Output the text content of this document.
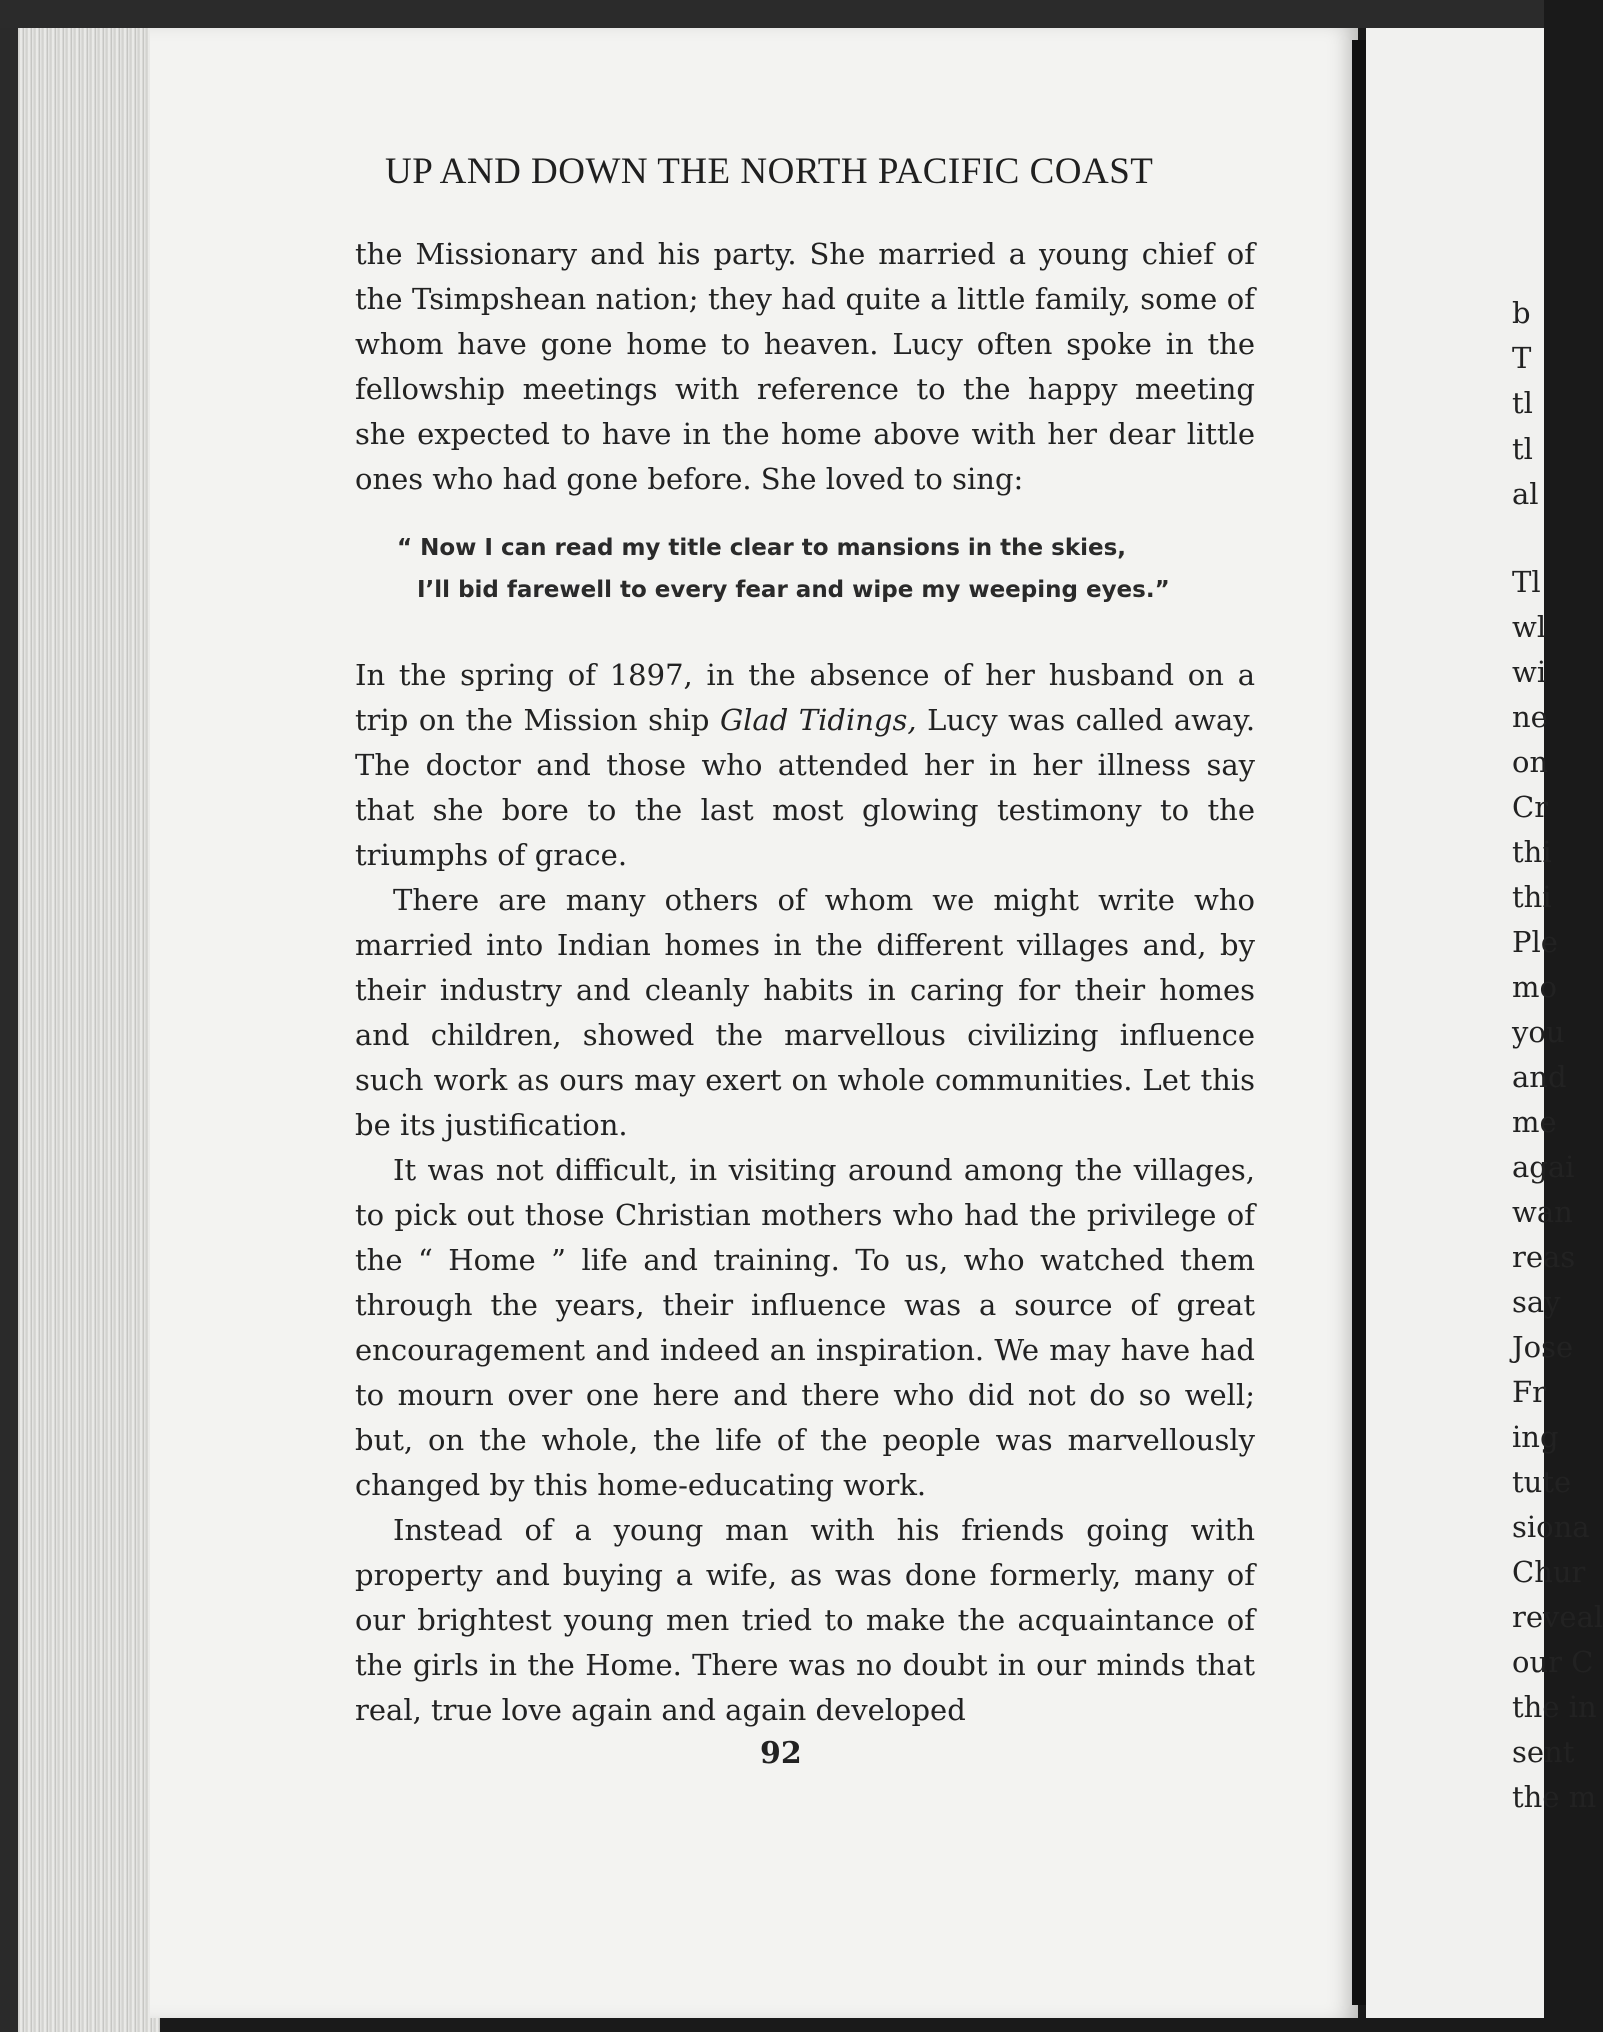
UP AND DOWN THE NORTH PACIFIC COAST

the Missionary and his party. She married a young chief of the Tsimpshean nation; they had quite a little family, some of whom have gone home to heaven. Lucy often spoke in the fellowship meetings with reference to the happy meeting she expected to have in the home above with her dear little ones who had gone before. She loved to sing:

“ Now I can read my title clear to mansions in the skies,
I’ll bid farewell to every fear and wipe my weeping eyes.”

In the spring of 1897, in the absence of her husband on a trip on the Mission ship Glad Tidings, Lucy was called away. The doctor and those who attended her in her illness say that she bore to the last most glowing testimony to the triumphs of grace.

There are many others of whom we might write who married into Indian homes in the different villages and, by their industry and cleanly habits in caring for their homes and children, showed the marvellous civilizing influence such work as ours may exert on whole communities. Let this be its justification.

It was not difficult, in visiting around among the villages, to pick out those Christian mothers who had the privilege of the “ Home ” life and training. To us, who watched them through the years, their influence was a source of great encouragement and indeed an inspiration. We may have had to mourn over one here and there who did not do so well; but, on the whole, the life of the people was marvellously changed by this home-educating work.

Instead of a young man with his friends going with property and buying a wife, as was done formerly, many of our brightest young men tried to make the acquaintance of the girls in the Home. There was no doubt in our minds that real, true love again and again developed

92
b
T
tl
tl
al
Tl
wl
wi
ne
on
Cr
thi
thi
Ple
mo
you
and
me
agai
wan
reas
say
Jose
Fr
ing
tute
siona
Chur
reveal
our C
the in
sent
the m
